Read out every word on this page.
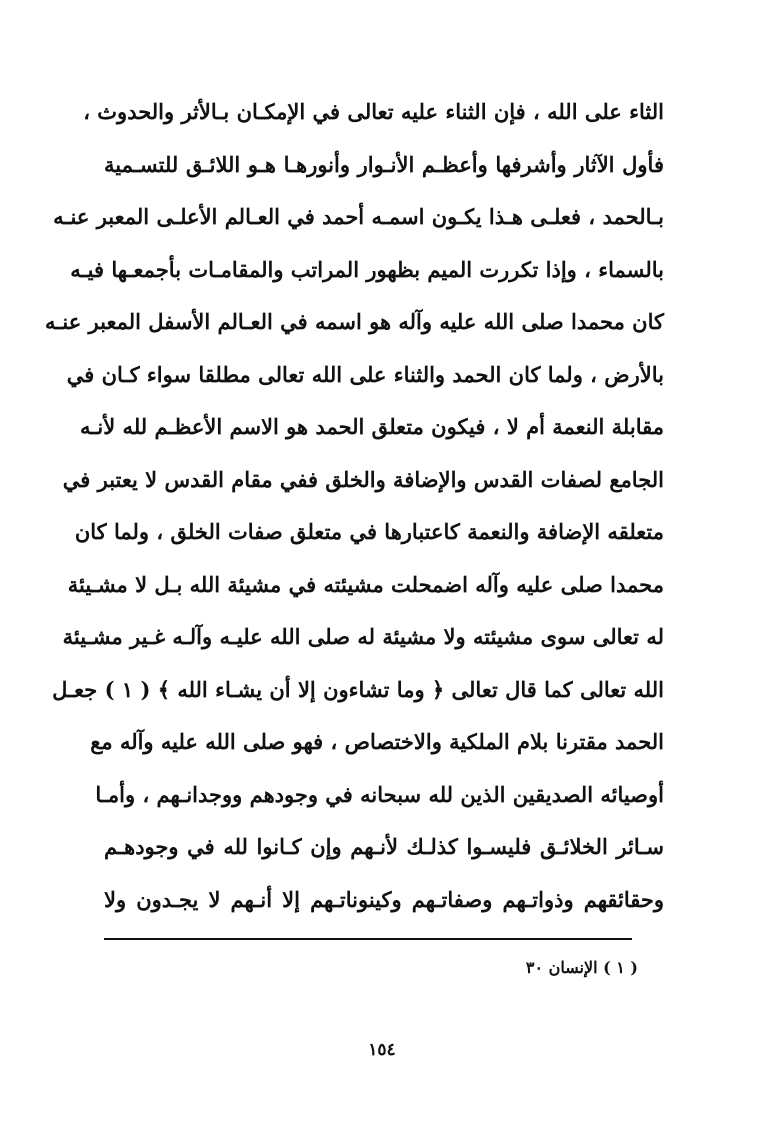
الثاء على الله ، فإن الثناء عليه تعالى في الإمكـان بـالأثر والحدوث ،
فأول الآثار وأشرفها وأعظـم الأنـوار وأنورهـا هـو اللائـق للتسـمية
بـالحمد ، فعلـى هـذا يكـون اسمـه أحمد في العـالم الأعلـى المعبر عنـه
بالسماء ، وإذا تكررت الميم بظهور المراتب والمقامـات بأجمعـها فيـه
كان محمدا صلى الله عليه وآله هو اسمه في العـالم الأسفل المعبر عنـه
بالأرض ، ولما كان الحمد والثناء على الله تعالى مطلقا سواء كـان في
مقابلة النعمة أم لا ، فيكون متعلق الحمد هو الاسم الأعظـم لله لأنـه
الجامع لصفات القدس والإضافة والخلق ففي مقام القدس لا يعتبر في
متعلقه الإضافة والنعمة كاعتبارها في متعلق صفات الخلق ، ولما كان
محمدا صلى عليه وآله اضمحلت مشيئته في مشيئة الله بـل لا مشـيئة
له تعالى سوى مشيئته ولا مشيئة له صلى الله عليـه وآلـه غـير مشـيئة
الله تعالى كما قال تعالى ﴿ وما تشاءون إلا أن يشـاء الله ﴾ ( ١ ) جعـل
الحمد مقترنا بلام الملكية والاختصاص ، فهو صلى الله عليه وآله مع
أوصيائه الصديقين الذين لله سبحانه في وجودهم ووجدانـهم ، وأمـا
سـائر الخلائـق فليسـوا كذلـك لأنـهم وإن كـانوا لله في وجودهـم
وحقائقهم وذواتـهم وصفاتـهم وكينوناتـهم إلا أنـهم لا يجـدون ولا
( ١ ) الإنسان ٣٠
١٥٤
